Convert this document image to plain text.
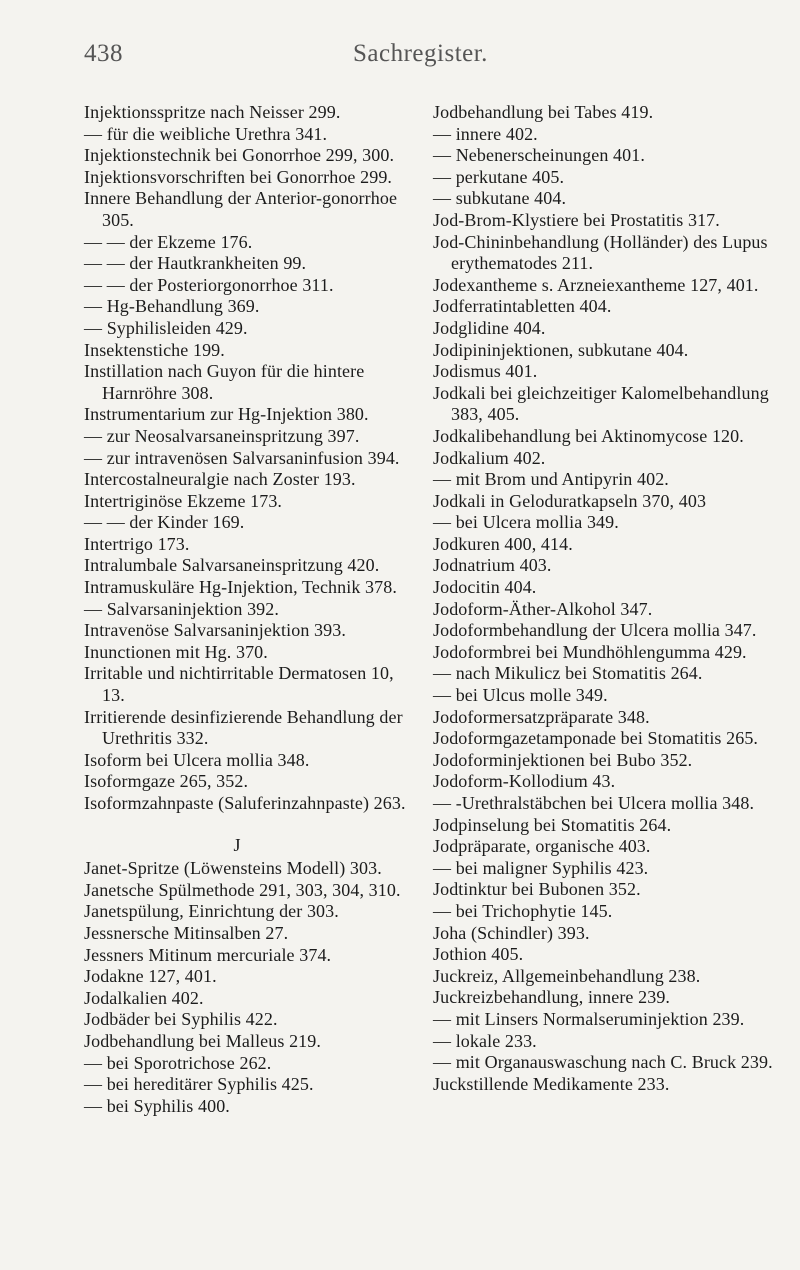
438	Sachregister.
Injektionsspritze nach Neisser 299.
— für die weibliche Urethra 341.
Injektionstechnik bei Gonorrhoe 299, 300.
Injektionsvorschriften bei Gonorrhoe 299.
Innere Behandlung der Anterior-gonorrhoe 305.
— — der Ekzeme 176.
— — der Hautkrankheiten 99.
— — der Posteriorgonorrhoe 311.
— Hg-Behandlung 369.
— Syphilisleiden 429.
Insektenstiche 199.
Instillation nach Guyon für die hintere Harnröhre 308.
Instrumentarium zur Hg-Injektion 380.
— zur Neosalvarsaneinspritzung 397.
— zur intravenösen Salvarsaninfusion 394.
Intercostalneuralgie nach Zoster 193.
Intertriginöse Ekzeme 173.
— — der Kinder 169.
Intertrigo 173.
Intralumbale Salvarsaneinspritzung 420.
Intramuskuläre Hg-Injektion, Technik 378.
— Salvarsaninjektion 392.
Intravenöse Salvarsaninjektion 393.
Inunctionen mit Hg. 370.
Irritable und nichtirritable Dermatosen 10, 13.
Irritierende desinfizierende Behandlung der Urethritis 332.
Isoform bei Ulcera mollia 348.
Isoformgaze 265, 352.
Isoformzahnpaste (Saluferinzahnpaste) 263.
J
Janet-Spritze (Löwensteins Modell) 303.
Janetsche Spülmethode 291, 303, 304, 310.
Janetspülung, Einrichtung der 303.
Jessnersche Mitinsalben 27.
Jessners Mitinum mercuriale 374.
Jodakne 127, 401.
Jodalkalien 402.
Jodbäder bei Syphilis 422.
Jodbehandlung bei Malleus 219.
— bei Sporotrichose 262.
— bei hereditärer Syphilis 425.
— bei Syphilis 400.
Jodbehandlung bei Tabes 419.
— innere 402.
— Nebenerscheinungen 401.
— perkutane 405.
— subkutane 404.
Jod-Brom-Klystiere bei Prostatitis 317.
Jod-Chininbehandlung (Holländer) des Lupus erythematodes 211.
Jodexantheme s. Arzneiexantheme 127, 401.
Jodferratintabletten 404.
Jodglidine 404.
Jodipininjektionen, subkutane 404.
Jodismus 401.
Jodkali bei gleichzeitiger Kalomelbehandlung 383, 405.
Jodkalibehandlung bei Aktinomycose 120.
Jodkalium 402.
— mit Brom und Antipyrin 402.
Jodkali in Geloduratkapseln 370, 403
— bei Ulcera mollia 349.
Jodkuren 400, 414.
Jodnatrium 403.
Jodocitin 404.
Jodoform-Äther-Alkohol 347.
Jodoformbehandlung der Ulcera mollia 347.
Jodoformbrei bei Mundhöhlengumma 429.
— nach Mikulicz bei Stomatitis 264.
— bei Ulcus molle 349.
Jodoformersatzpräparate 348.
Jodoformgazetamponade bei Stomatitis 265.
Jodoforminjektionen bei Bubo 352.
Jodoform-Kollodium 43.
— -Urethralstäbchen bei Ulcera mollia 348.
Jodpinselung bei Stomatitis 264.
Jodpräparate, organische 403.
— bei maligner Syphilis 423.
Jodtinktur bei Bubonen 352.
— bei Trichophytie 145.
Joha (Schindler) 393.
Jothion 405.
Juckreiz, Allgemeinbehandlung 238.
Juckreizbehandlung, innere 239.
— mit Linsers Normalseruminjektion 239.
— lokale 233.
— mit Organauswaschung nach C. Bruck 239.
Juckstillende Medikamente 233.
